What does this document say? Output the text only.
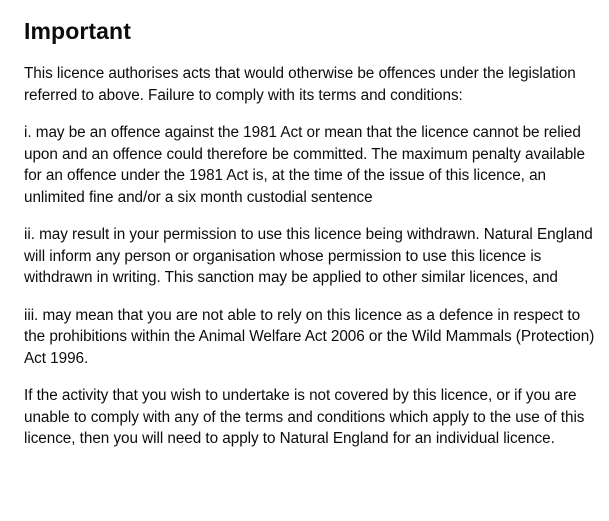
Important

This licence authorises acts that would otherwise be offences under the legislation referred to above. Failure to comply with its terms and conditions:

i. may be an offence against the 1981 Act or mean that the licence cannot be relied upon and an offence could therefore be committed. The maximum penalty available for an offence under the 1981 Act is, at the time of the issue of this licence, an unlimited fine and/or a six month custodial sentence

ii. may result in your permission to use this licence being withdrawn. Natural England will inform any person or organisation whose permission to use this licence is withdrawn in writing. This sanction may be applied to other similar licences, and

iii. may mean that you are not able to rely on this licence as a defence in respect to the prohibitions within the Animal Welfare Act 2006 or the Wild Mammals (Protection) Act 1996.

If the activity that you wish to undertake is not covered by this licence, or if you are unable to comply with any of the terms and conditions which apply to the use of this licence, then you will need to apply to Natural England for an individual licence.
